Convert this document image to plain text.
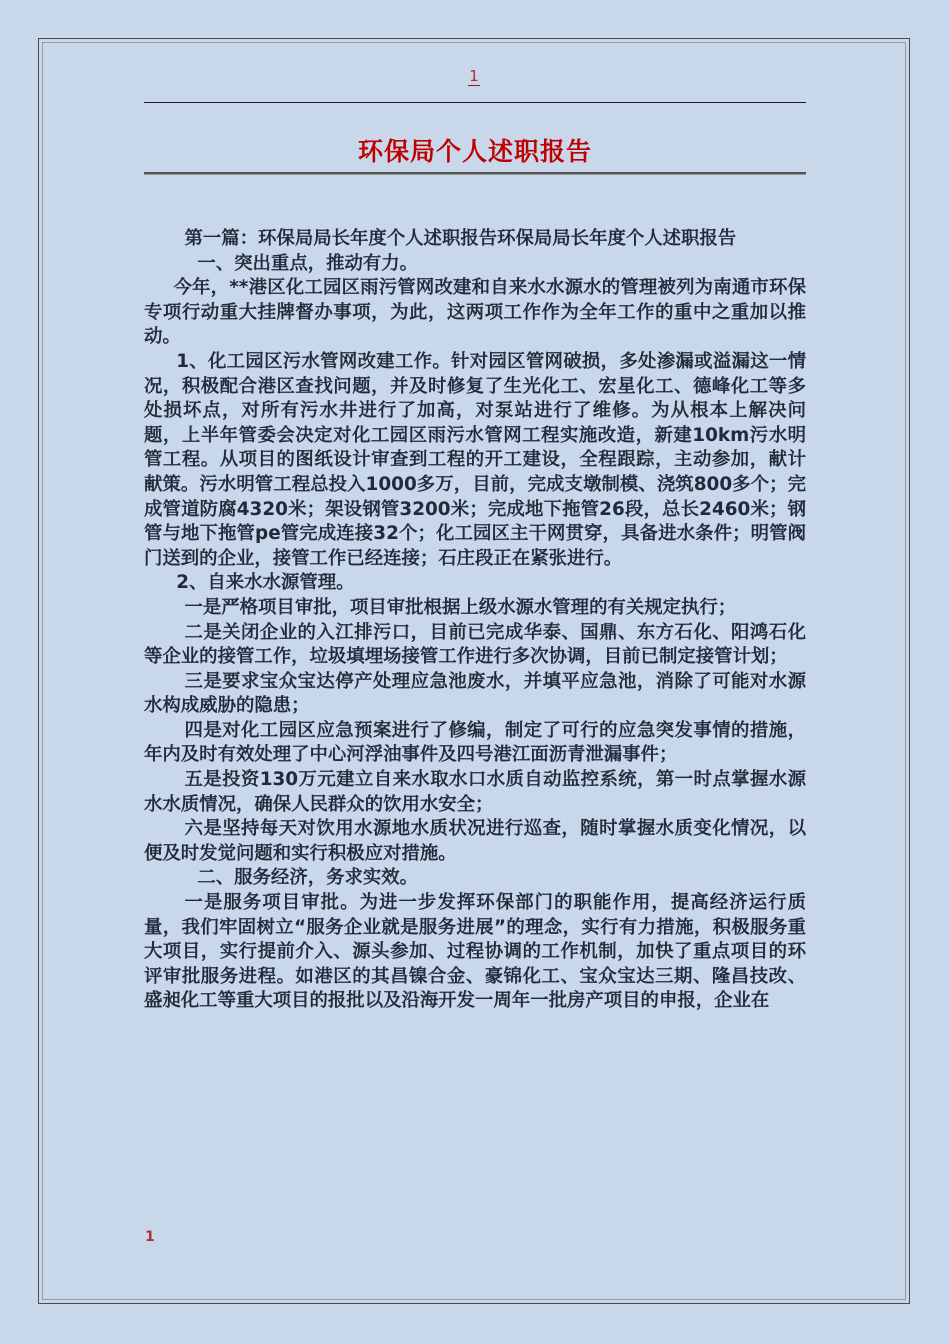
1
环保局个人述职报告

第一篇：环保局局长年度个人述职报告环保局局长年度个人述职报告

一、突出重点，推动有力。

今年，**港区化工园区雨污管网改建和自来水水源水的管理被列为南通市环保专项行动重大挂牌督办事项，为此，这两项工作作为全年工作的重中之重加以推动。

1、化工园区污水管网改建工作。针对园区管网破损，多处渗漏或溢漏这一情况，积极配合港区查找问题，并及时修复了生光化工、宏星化工、德峰化工等多处损坏点，对所有污水井进行了加高，对泵站进行了维修。为从根本上解决问题，上半年管委会决定对化工园区雨污水管网工程实施改造，新建10km污水明管工程。从项目的图纸设计审查到工程的开工建设，全程跟踪，主动参加，献计献策。污水明管工程总投入1000多万，目前，完成支墩制模、浇筑800多个；完成管道防腐4320米；架设钢管3200米；完成地下拖管26段，总长2460米；钢管与地下拖管pe管完成连接32个；化工园区主干网贯穿，具备进水条件；明管阀门送到的企业，接管工作已经连接；石庄段正在紧张进行。

2、自来水水源管理。

一是严格项目审批，项目审批根据上级水源水管理的有关规定执行；

二是关闭企业的入江排污口，目前已完成华泰、国鼎、东方石化、阳鸿石化等企业的接管工作，垃圾填埋场接管工作进行多次协调，目前已制定接管计划；

三是要求宝众宝达停产处理应急池废水，并填平应急池，消除了可能对水源水构成威胁的隐患；

四是对化工园区应急预案进行了修编，制定了可行的应急突发事情的措施，年内及时有效处理了中心河浮油事件及四号港江面沥青泄漏事件；

五是投资130万元建立自来水取水口水质自动监控系统，第一时点掌握水源水水质情况，确保人民群众的饮用水安全；

六是坚持每天对饮用水源地水质状况进行巡查，随时掌握水质变化情况，以便及时发觉问题和实行积极应对措施。

二、服务经济，务求实效。

一是服务项目审批。为进一步发挥环保部门的职能作用，提高经济运行质量，我们牢固树立“服务企业就是服务进展”的理念，实行有力措施，积极服务重大项目，实行提前介入、源头参加、过程协调的工作机制，加快了重点项目的环评审批服务进程。如港区的其昌镍合金、豪锦化工、宝众宝达三期、隆昌技改、盛昶化工等重大项目的报批以及沿海开发一周年一批房产项目的申报，企业在

1
